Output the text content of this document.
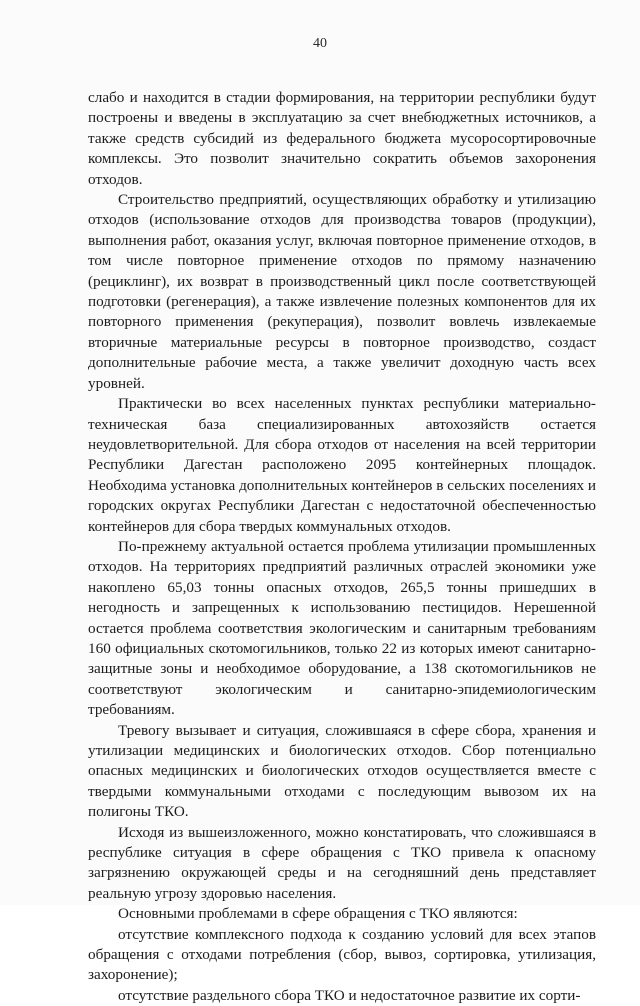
40

слабо и находится в стадии формирования, на территории республики будут построены и введены в эксплуатацию за счет внебюджетных источников, а также средств субсидий из федерального бюджета мусоросортировочные комплексы. Это позволит значительно сократить объемов захоронения отходов.

Строительство предприятий, осуществляющих обработку и утилизацию отходов (использование отходов для производства товаров (продукции), выполнения работ, оказания услуг, включая повторное применение отходов, в том числе повторное применение отходов по прямому назначению (рециклинг), их возврат в производственный цикл после соответствующей подготовки (регенерация), а также извлечение полезных компонентов для их повторного применения (рекуперация), позволит вовлечь извлекаемые вторичные материальные ресурсы в повторное производство, создаст дополнительные рабочие места, а также увеличит доходную часть всех уровней.

Практически во всех населенных пунктах республики материально-техническая база специализированных автохозяйств остается неудовлетворительной. Для сбора отходов от населения на всей территории Республики Дагестан расположено 2095 контейнерных площадок. Необходима установка дополнительных контейнеров в сельских поселениях и городских округах Республики Дагестан с недостаточной обеспеченностью контейнеров для сбора твердых коммунальных отходов.

По-прежнему актуальной остается проблема утилизации промышленных отходов. На территориях предприятий различных отраслей экономики уже накоплено 65,03 тонны опасных отходов, 265,5 тонны пришедших в негодность и запрещенных к использованию пестицидов. Нерешенной остается проблема соответствия экологическим и санитарным требованиям 160 официальных скотомогильников, только 22 из которых имеют санитарно-защитные зоны и необходимое оборудование, а 138 скотомогильников не соответствуют экологическим и санитарно-эпидемиологическим требованиям.

Тревогу вызывает и ситуация, сложившаяся в сфере сбора, хранения и утилизации медицинских и биологических отходов. Сбор потенциально опасных медицинских и биологических отходов осуществляется вместе с твердыми коммунальными отходами с последующим вывозом их на полигоны ТКО.

Исходя из вышеизложенного, можно констатировать, что сложившаяся в республике ситуация в сфере обращения с ТКО привела к опасному загрязнению окружающей среды и на сегодняшний день представляет реальную угрозу здоровью населения.

Основными проблемами в сфере обращения с ТКО являются:

отсутствие комплексного подхода к созданию условий для всех этапов обращения с отходами потребления (сбор, вывоз, сортировка, утилизация, захоронение);

отсутствие раздельного сбора ТКО и недостаточное развитие их сорти-
